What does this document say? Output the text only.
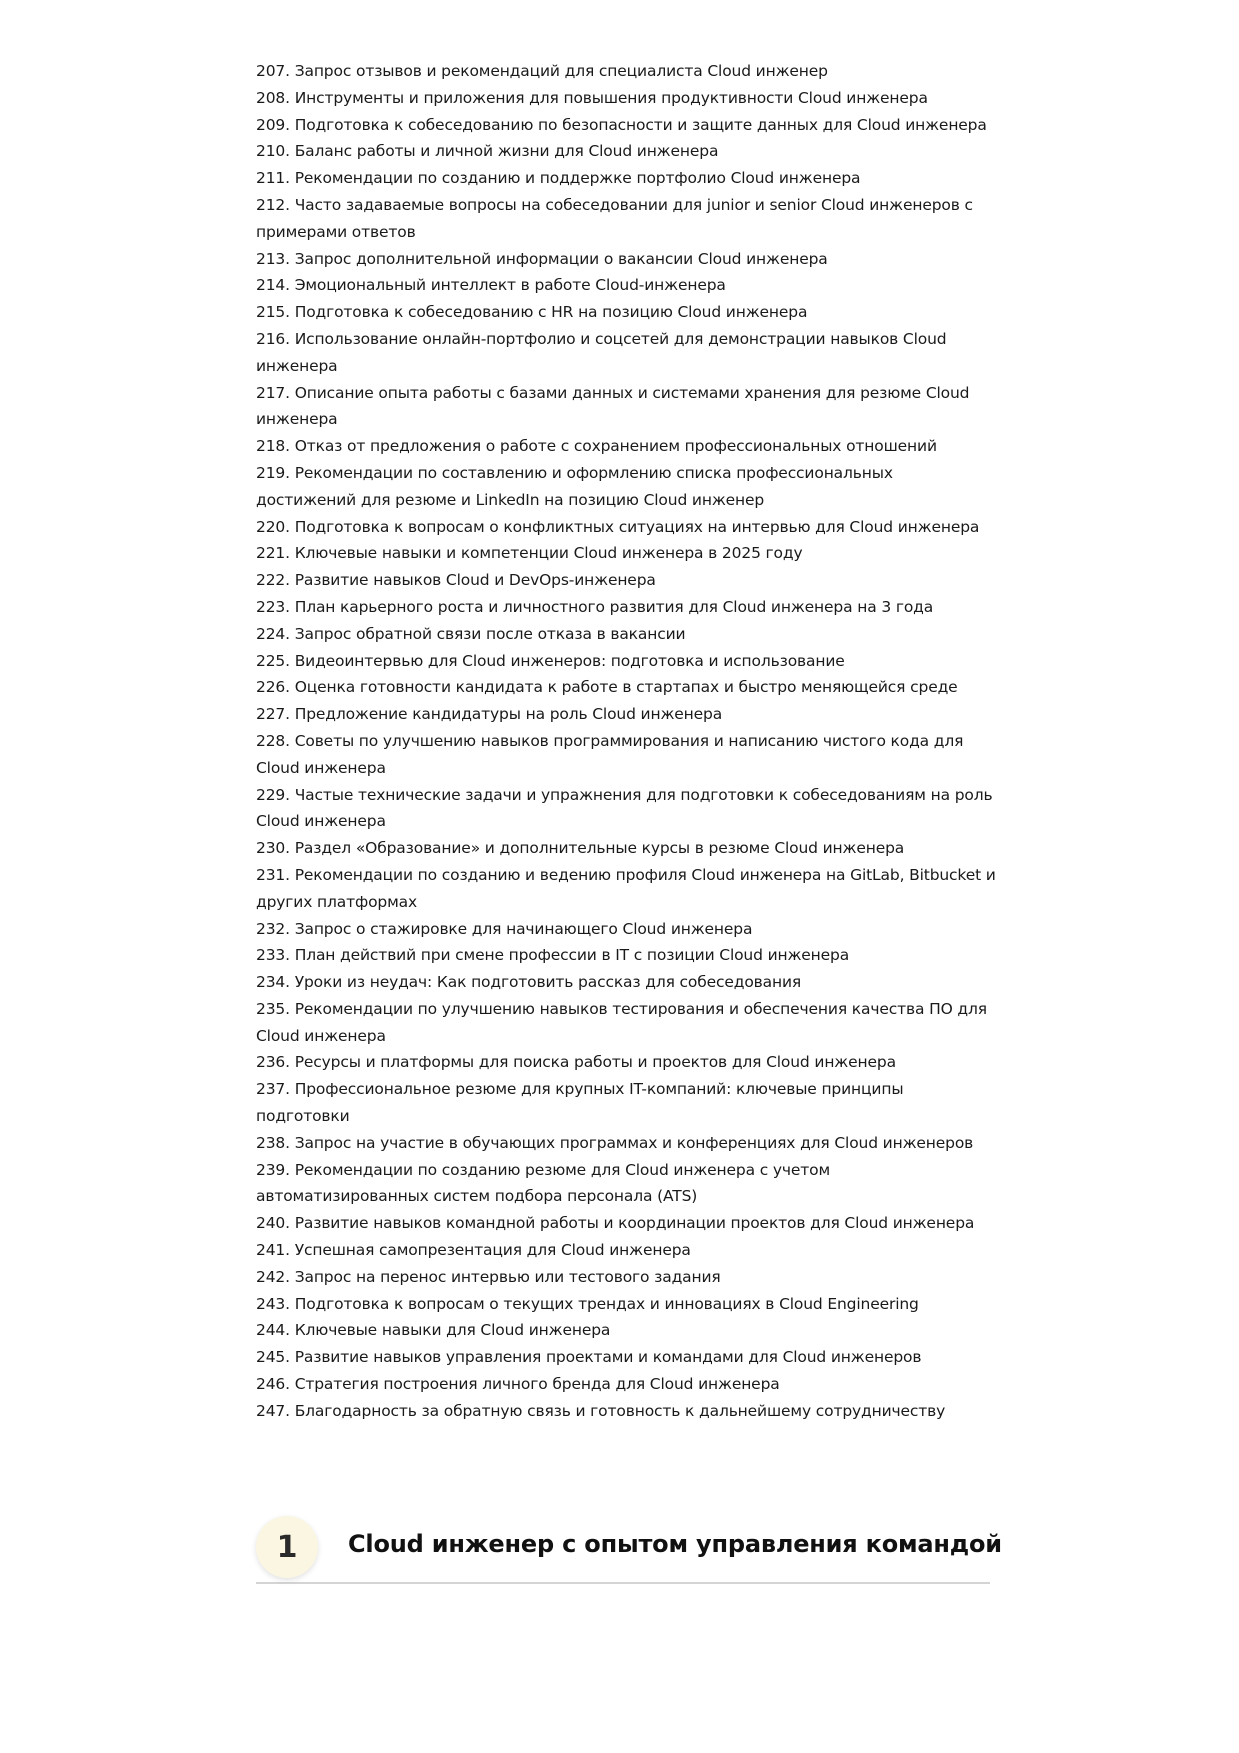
207. Запрос отзывов и рекомендаций для специалиста Cloud инженер
208. Инструменты и приложения для повышения продуктивности Cloud инженера
209. Подготовка к собеседованию по безопасности и защите данных для Cloud инженера
210. Баланс работы и личной жизни для Cloud инженера
211. Рекомендации по созданию и поддержке портфолио Cloud инженера
212. Часто задаваемые вопросы на собеседовании для junior и senior Cloud инженеров с примерами ответов
213. Запрос дополнительной информации о вакансии Cloud инженера
214. Эмоциональный интеллект в работе Cloud-инженера
215. Подготовка к собеседованию с HR на позицию Cloud инженера
216. Использование онлайн-портфолио и соцсетей для демонстрации навыков Cloud инженера
217. Описание опыта работы с базами данных и системами хранения для резюме Cloud инженера
218. Отказ от предложения о работе с сохранением профессиональных отношений
219. Рекомендации по составлению и оформлению списка профессиональных достижений для резюме и LinkedIn на позицию Cloud инженер
220. Подготовка к вопросам о конфликтных ситуациях на интервью для Cloud инженера
221. Ключевые навыки и компетенции Cloud инженера в 2025 году
222. Развитие навыков Cloud и DevOps-инженера
223. План карьерного роста и личностного развития для Cloud инженера на 3 года
224. Запрос обратной связи после отказа в вакансии
225. Видеоинтервью для Cloud инженеров: подготовка и использование
226. Оценка готовности кандидата к работе в стартапах и быстро меняющейся среде
227. Предложение кандидатуры на роль Cloud инженера
228. Советы по улучшению навыков программирования и написанию чистого кода для Cloud инженера
229. Частые технические задачи и упражнения для подготовки к собеседованиям на роль Cloud инженера
230. Раздел «Образование» и дополнительные курсы в резюме Cloud инженера
231. Рекомендации по созданию и ведению профиля Cloud инженера на GitLab, Bitbucket и других платформах
232. Запрос о стажировке для начинающего Cloud инженера
233. План действий при смене профессии в IT с позиции Cloud инженера
234. Уроки из неудач: Как подготовить рассказ для собеседования
235. Рекомендации по улучшению навыков тестирования и обеспечения качества ПО для Cloud инженера
236. Ресурсы и платформы для поиска работы и проектов для Cloud инженера
237. Профессиональное резюме для крупных IT-компаний: ключевые принципы подготовки
238. Запрос на участие в обучающих программах и конференциях для Cloud инженеров
239. Рекомендации по созданию резюме для Cloud инженера с учетом автоматизированных систем подбора персонала (ATS)
240. Развитие навыков командной работы и координации проектов для Cloud инженера
241. Успешная самопрезентация для Cloud инженера
242. Запрос на перенос интервью или тестового задания
243. Подготовка к вопросам о текущих трендах и инновациях в Cloud Engineering
244. Ключевые навыки для Cloud инженера
245. Развитие навыков управления проектами и командами для Cloud инженеров
246. Стратегия построения личного бренда для Cloud инженера
247. Благодарность за обратную связь и готовность к дальнейшему сотрудничеству
1	Cloud инженер с опытом управления командой
